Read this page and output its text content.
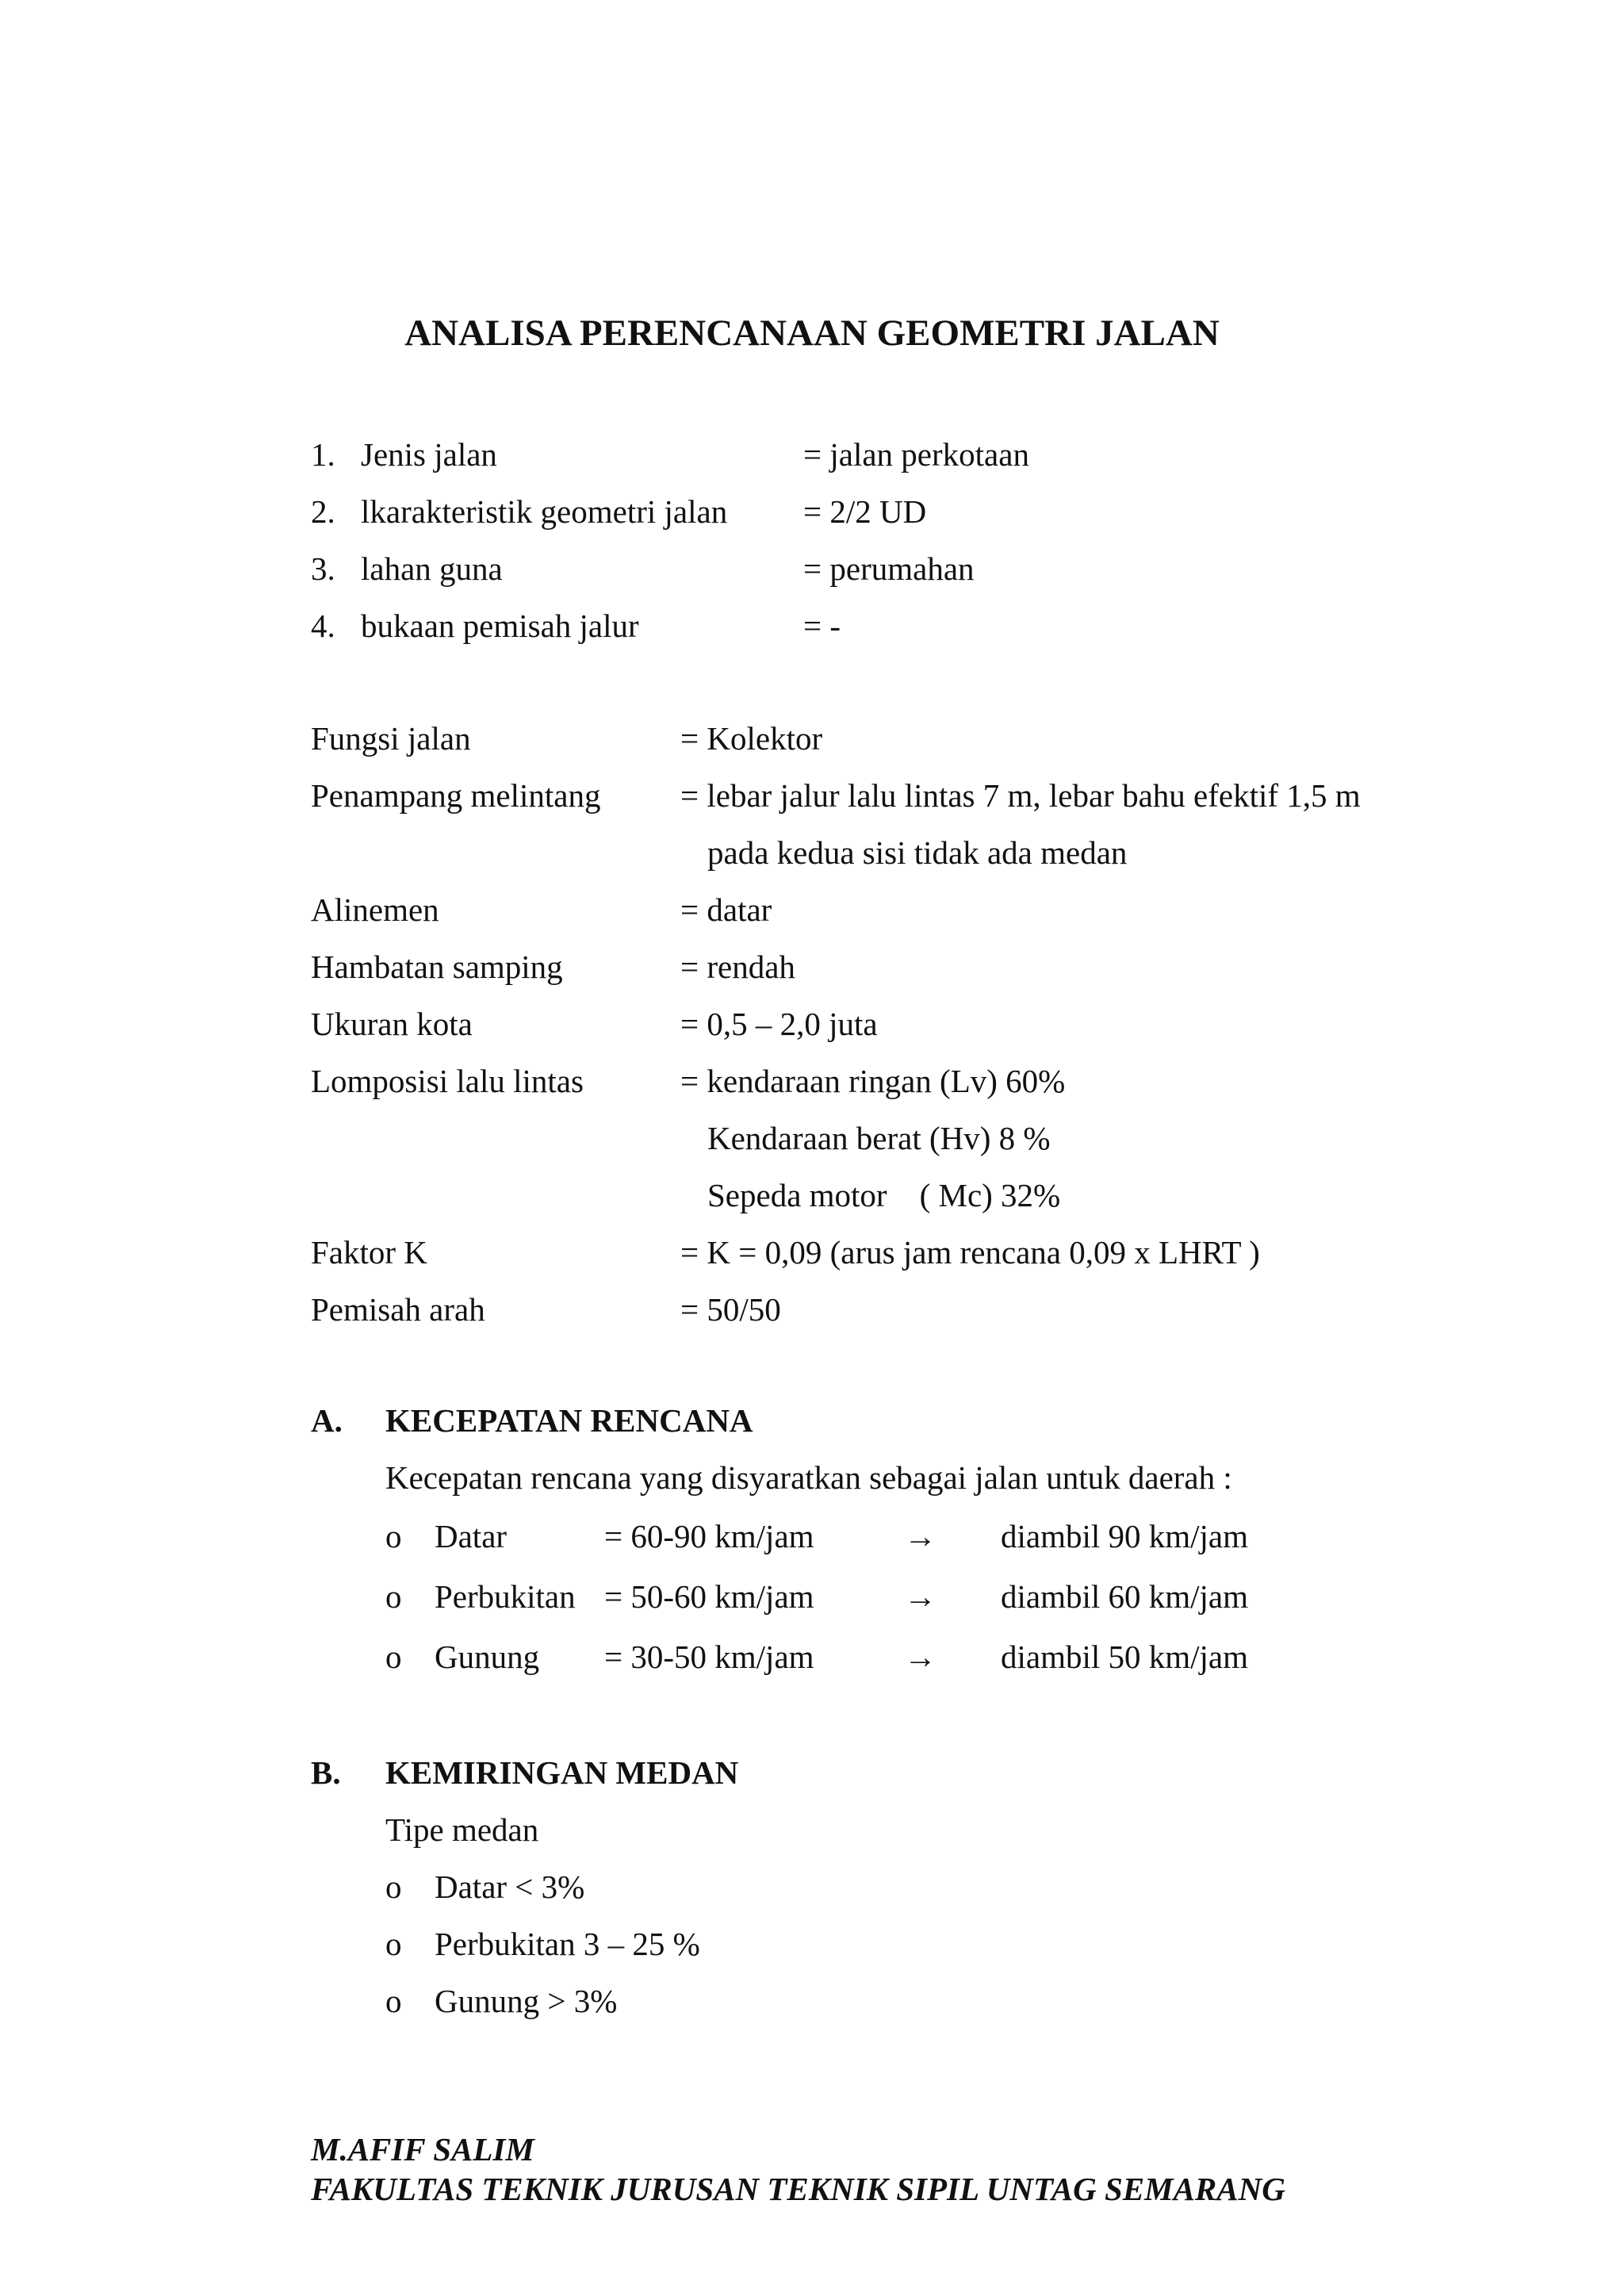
ANALISA PERENCANAAN GEOMETRI JALAN
1. Jenis jalan	= jalan perkotaan
2. lkarakteristik geometri jalan = 2/2 UD
3. lahan guna	= perumahan
4. bukaan pemisah jalur	= -
Fungsi jalan	= Kolektor
Penampang melintang = lebar jalur lalu lintas 7 m, lebar bahu efektif 1,5 m
pada kedua sisi tidak ada medan
Alinemen	= datar
Hambatan samping	= rendah
Ukuran kota	= 0,5 – 2,0 juta
Lomposisi lalu lintas	= kendaraan ringan (Lv) 60%
Kendaraan berat (Hv) 8 %
Sepeda motor    ( Mc) 32%
Faktor K	= K = 0,09 (arus jam rencana 0,09 x LHRT )
Pemisah arah	= 50/50
A. KECEPATAN RENCANA
Kecepatan rencana yang disyaratkan sebagai jalan untuk daerah :
o Datar	= 60-90 km/jam	→ diambil 90 km/jam
o Perbukitan = 50-60 km/jam	→ diambil 60 km/jam
o Gunung = 30-50 km/jam	→ diambil 50 km/jam
B. KEMIRINGAN MEDAN
Tipe medan
o Datar < 3%
o Perbukitan 3 – 25 %
o Gunung > 3%
M.AFIF SALIM
FAKULTAS TEKNIK JURUSAN TEKNIK SIPIL UNTAG SEMARANG
